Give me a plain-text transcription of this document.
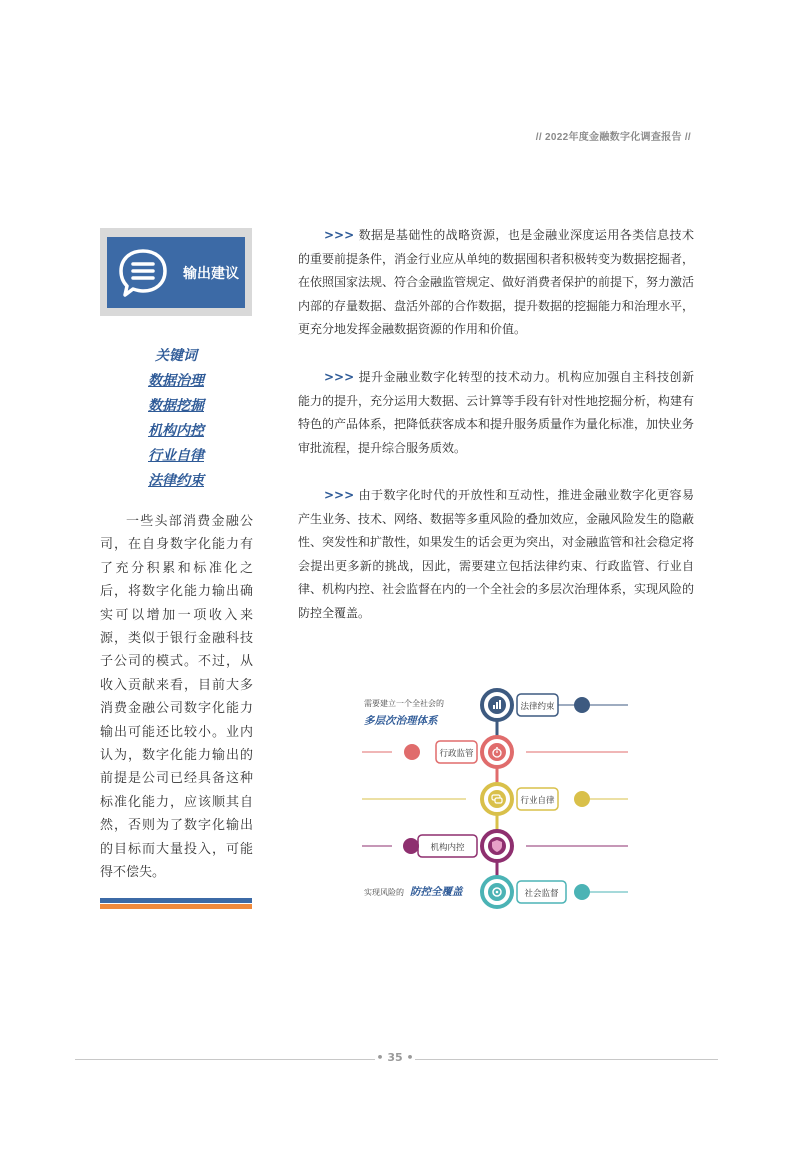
// 2022年度金融数字化调查报告 //
输出建议
关键词
数据治理
数据挖掘
机构内控
行业自律
法律约束
一些头部消费金融公司，在自身数字化能力有了充分积累和标准化之后，将数字化能力输出确实可以增加一项收入来源，类似于银行金融科技子公司的模式。不过，从收入贡献来看，目前大多消费金融公司数字化能力输出可能还比较小。业内认为，数字化能力输出的前提是公司已经具备这种标准化能力，应该顺其自然，否则为了数字化输出的目标而大量投入，可能得不偿失。
>>> 数据是基础性的战略资源，也是金融业深度运用各类信息技术的重要前提条件，消金行业应从单纯的数据囤积者积极转变为数据挖掘者，在依照国家法规、符合金融监管规定、做好消费者保护的前提下，努力激活内部的存量数据、盘活外部的合作数据，提升数据的挖掘能力和治理水平，更充分地发挥金融数据资源的作用和价值。
>>> 提升金融业数字化转型的技术动力。机构应加强自主科技创新能力的提升，充分运用大数据、云计算等手段有针对性地挖掘分析，构建有特色的产品体系，把降低获客成本和提升服务质量作为量化标准，加快业务审批流程，提升综合服务质效。
>>> 由于数字化时代的开放性和互动性，推进金融业数字化更容易产生业务、技术、网络、数据等多重风险的叠加效应，金融风险发生的隐蔽性、突发性和扩散性，如果发生的话会更为突出，对金融监管和社会稳定将会提出更多新的挑战，因此，需要建立包括法律约束、行政监管、行业自律、机构内控、社会监督在内的一个全社会的多层次治理体系，实现风险的防控全覆盖。
法律约束
行政监管
行业自律
机构内控
社会监督
需要建立一个全社会的
多层次治理体系
实现风险的 防控全覆盖
• 35 •
